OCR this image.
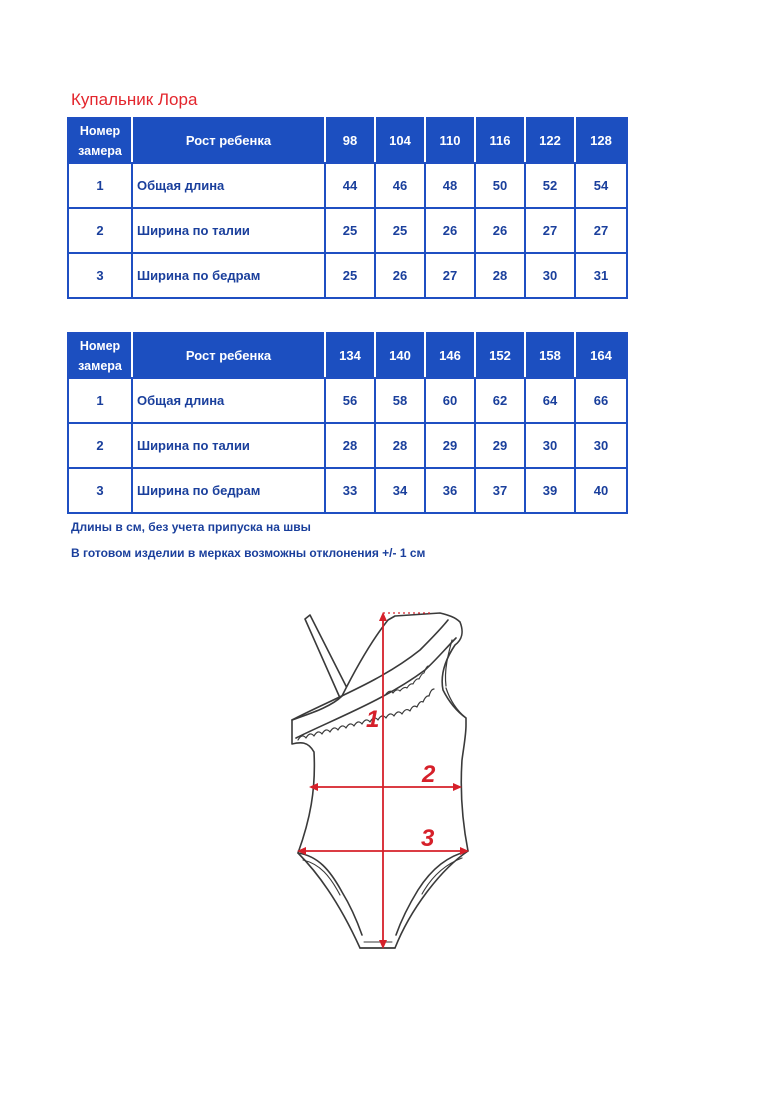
Купальник Лора
Номер
замера	Рост ребенка	98	104	110	116	122	128
1	Общая длина	44	46	48	50	52	54
2	Ширина по талии	25	25	26	26	27	27
3	Ширина по бедрам	25	26	27	28	30	31
Номер
замера	Рост ребенка	134	140	146	152	158	164
1	Общая длина	56	58	60	62	64	66
2	Ширина по талии	28	28	29	29	30	30
3	Ширина по бедрам	33	34	36	37	39	40
Длины в см, без учета припуска на швы
В готовом изделии в мерках возможны отклонения +/- 1 см
1
2
3
